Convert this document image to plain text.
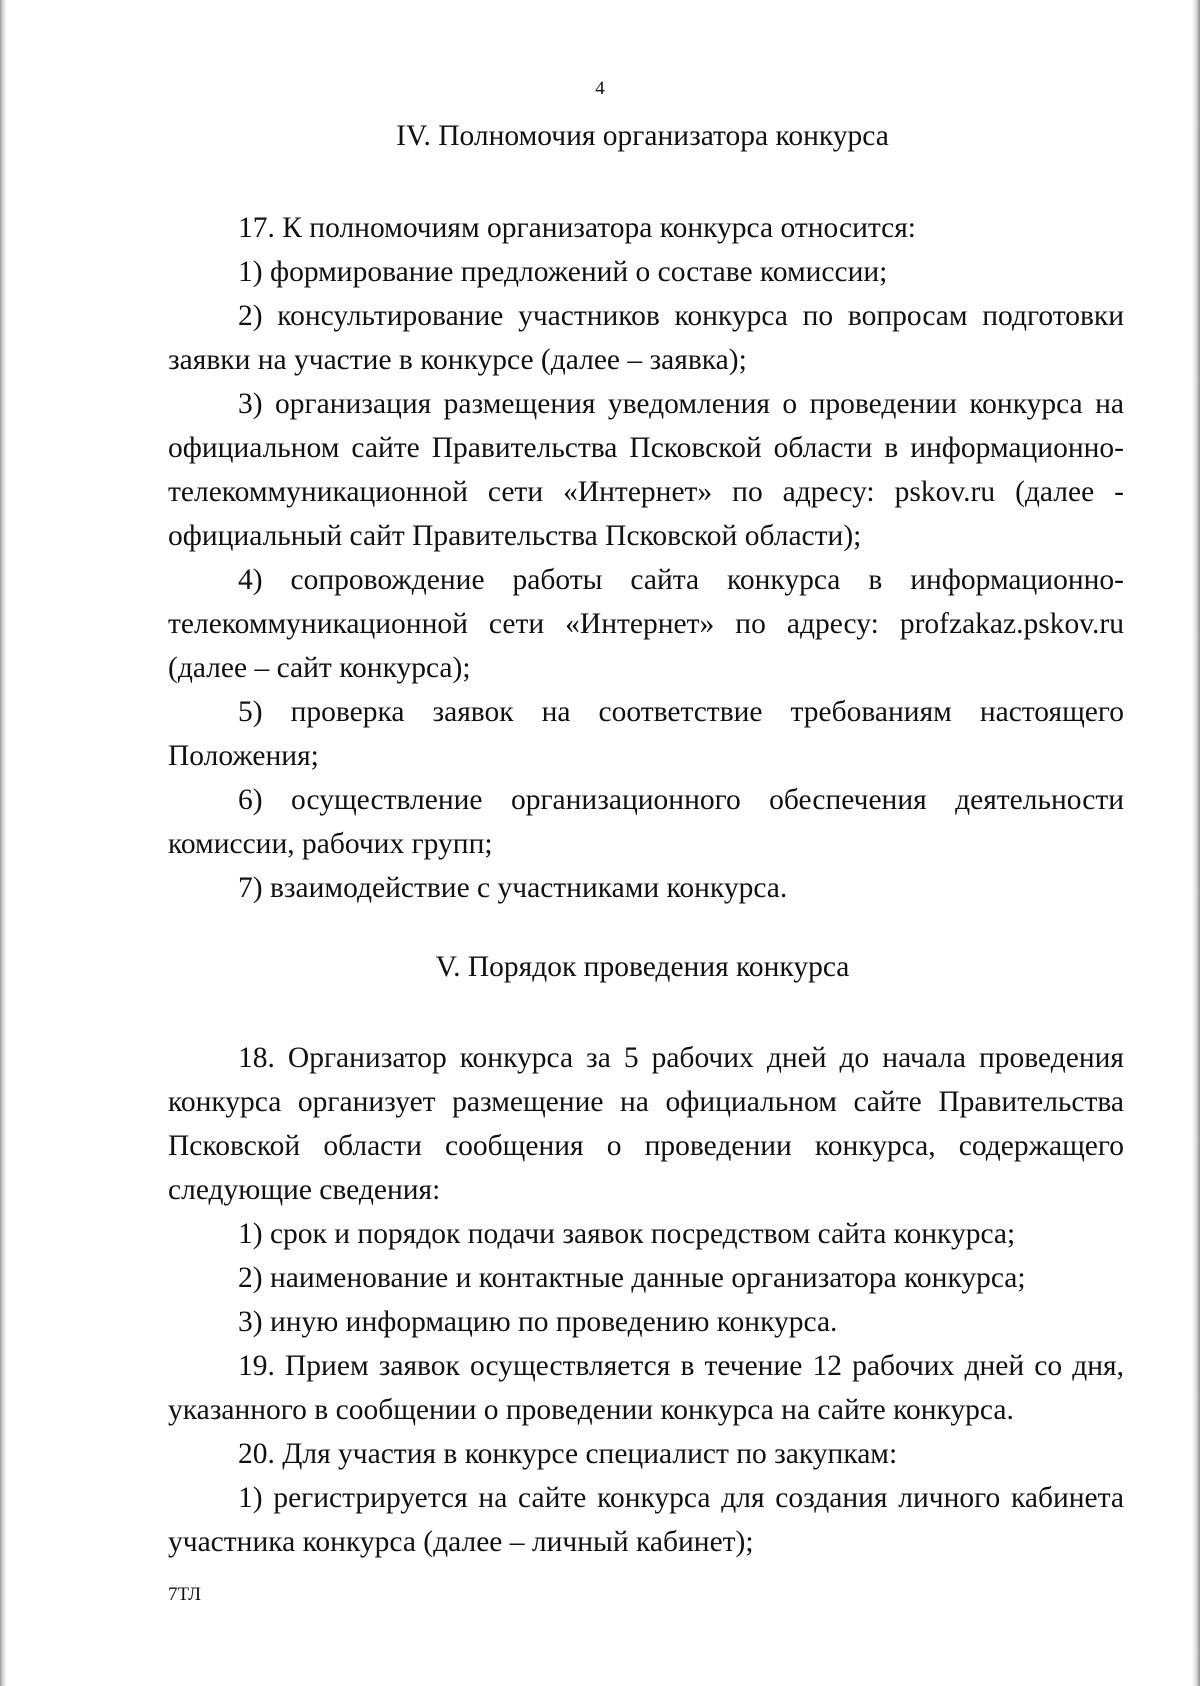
4
IV. Полномочия организатора конкурса

17. К полномочиям организатора конкурса относится:

1) формирование предложений о составе комиссии;

2) консультирование участников конкурса по вопросам подготовки заявки на участие в конкурсе (далее – заявка);

3) организация размещения уведомления о проведении конкурса на официальном сайте Правительства Псковской области в информационно-телекоммуникационной сети «Интернет» по адресу: pskov.ru (далее - официальный сайт Правительства Псковской области);

4) сопровождение работы сайта конкурса в информационно-телекоммуникационной сети «Интернет» по адресу: profzakaz.pskov.ru (далее – сайт конкурса);

5) проверка заявок на соответствие требованиям настоящего Положения;

6) осуществление организационного обеспечения деятельности комиссии, рабочих групп;

7) взаимодействие с участниками конкурса.

V. Порядок проведения конкурса

18. Организатор конкурса за 5 рабочих дней до начала проведения конкурса организует размещение на официальном сайте Правительства Псковской области сообщения о проведении конкурса, содержащего следующие сведения:

1) срок и порядок подачи заявок посредством сайта конкурса;

2) наименование и контактные данные организатора конкурса;

3) иную информацию по проведению конкурса.

19. Прием заявок осуществляется в течение 12 рабочих дней со дня, указанного в сообщении о проведении конкурса на сайте конкурса.

20. Для участия в конкурсе специалист по закупкам:

1) регистрируется на сайте конкурса для создания личного кабинета участника конкурса (далее – личный кабинет);

7ТЛ
